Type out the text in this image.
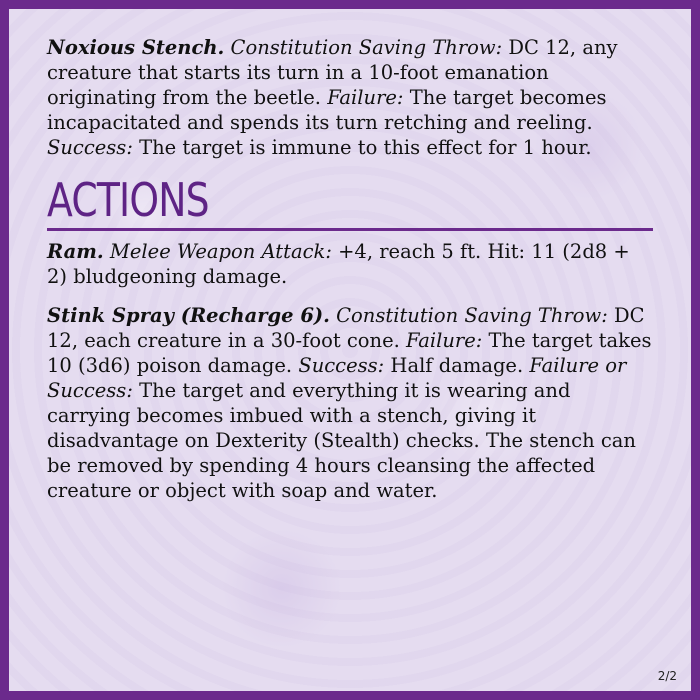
Noxious Stench. Constitution Saving Throw: DC 12, any creature that starts its turn in a 10-foot emanation originating from the beetle. Failure: The target becomes incapacitated and spends its turn retching and reeling. Success: The target is immune to this effect for 1 hour.

ACTIONS

Ram. Melee Weapon Attack: +4, reach 5 ft. Hit: 11 (2d8 + 2) bludgeoning damage.

Stink Spray (Recharge 6). Constitution Saving Throw: DC 12, each creature in a 30-foot cone. Failure: The target takes 10 (3d6) poison damage. Success: Half damage. Failure or Success: The target and everything it is wearing and carrying becomes imbued with a stench, giving it disadvantage on Dexterity (Stealth) checks. The stench can be removed by spending 4 hours cleansing the affected creature or object with soap and water.

2/2
